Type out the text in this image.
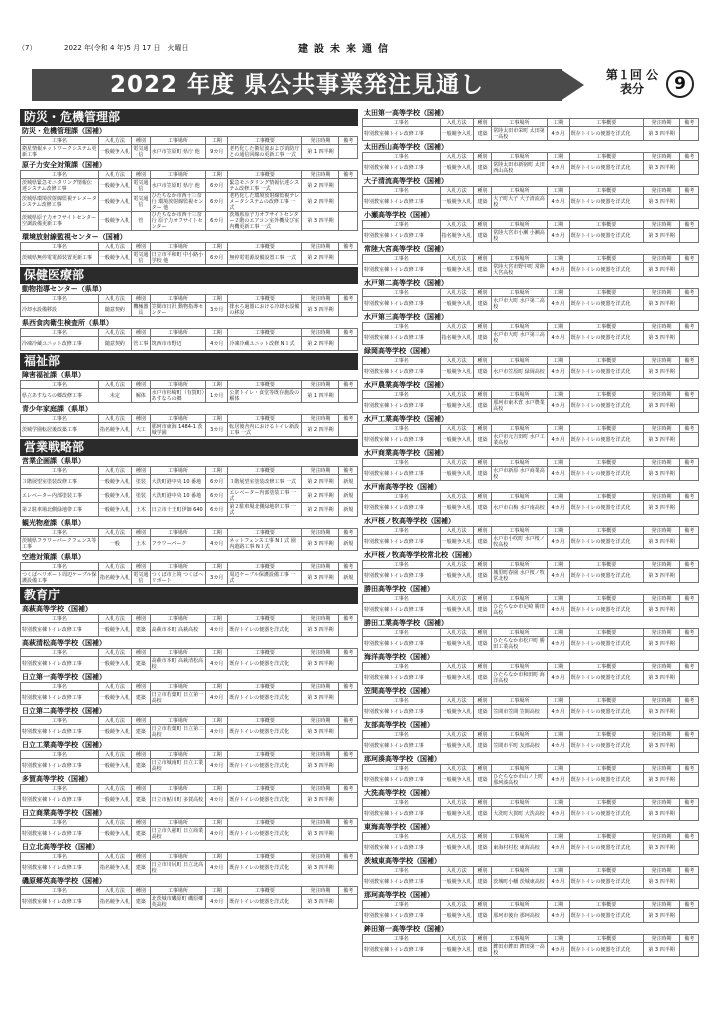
（7）	2022 年(令和 4 年)5 月 17 日　火曜日	建設未来通信
2022 年度 県公共事業発注見通し	第１回 公表分	9
防災・危機管理部
防災・危機管理課（国補）
工事名	入札方法	種別	工事場所	工期	工事概要	発注時期	備考
衛星情報ネットワークシステム更新工事	一般競争入札	電気通信	水戸市笠原町 県庁 他	9カ月	老朽化した衛星波および消防庁との通信回線の更新工事 一式	第 1 四半期	
原子力安全対策課（国補）
工事名	入札方法	種別	工事場所	工期	工事概要	発注時期	備考
茨城県緊急モニタリング情報伝達システム改修工事	一般競争入札	電気通信	水戸市笠原町 県庁 他	6カ月	緊急モニタリング情報伝達システム改修工事 一式	第 2 四半期	
茨城県環境放射線監視テレメータシステム改修工事	一般競争入札	電気通信	ひたちなか市西十三奈行 環境放射線監視センター 他	6カ月	老朽化した環境放射線監視テレメータシステムの改修工事 一式	第 2 四半期	
茨城県原子力オフサイトセンター空調設備更新工事	一般競争入札	管	ひたちなか市西十三奈行 原子力オフサイトセンター	6カ月	茨城県原子力オフサイトセンター２階のエアコン室外機及び室内機更新工事 一式	第 3 四半期	
環境放射線監視センター（国補）
工事名	入札方法	種別	工事場所	工期	工事概要	発注時期	備考
茨城県無停電電源装置更新工事	一般競争入札	電気通信	日立市平和町 中小路小学校 他	6カ月	無停電電源設備設置工事 一式	第 2 四半期	
保健医療部
動物指導センター（県単）
工事名	入札方法	種別	工事場所	工期	工事概要	発注時期	備考
冷却水設備移設	随意契約	機械器具	笠間市日沢 動物指導センター	3カ月	排水ろ過器における冷却水設備の移設	第 3 四半期	
県西食肉衛生検査所（県単）
工事名	入札方法	種別	工事場所	工期	工事概要	発注時期	備考
冷凍冷蔵ユニット改修工事	随意契約	管工事	筑西市市野辺	4カ月	冷凍冷蔵ユニット改修 N１式	第 2 四半期	
福祉部
障害福祉課（県単）
工事名	入札方法	種別	工事場所	工期	工事概要	発注時期	備考
県立あすなろの郷改修工事	未定	解体	水戸市杉崎町（有賀町）あすなろの郷	1カ月	公衆トイレ・食堂等既存施設の解体	第 1 四半期	
青少年家庭課（県単）
工事名	入札方法	種別	工事場所	工期	工事概要	発注時期	備考
茨城学園転居後改築工事	指名競争入札	大工	那珂市東海 1484-1 茨城学園	3カ月	転居後舎内におけるトイレ新設工事 一式	第 2 四半期	
営業戦略部
営業企画課（県単）
工事名	入札方法	種別	工事場所	工期	工事概要	発注時期	備考
３階展望室塗装改修工事	一般競争入札	塗装	大洗町港中央 10 番地	6カ月	３階展望室塗装改修工事 一式	第 2 四半期	新規
エレベーター内部塗装工事	一般競争入札	塗装	大洗町港中央 10 番地	6カ月	エレベーター内部塗装工事 一式	第 2 四半期	新規
第２駐車場北側緑地帯工事	一般競争入札	土木	日立市十王町伊師 640	6カ月	第２駐車場北側緑地帯工事 一式	第 2 四半期	新規
観光物産課（県単）
工事名	入札方法	種別	工事場所	工期	工事概要	発注時期	備考
茨城県フラワーパークフェンス等工事	一般	土木	フラワーパーク	4カ月	ネットフェンス工事 N１式 園内遊路工事 N１式	第 3 四半期	新規
空港対策課（県単）
工事名	入札方法	種別	工事場所	工期	工事概要	発注時期	備考
つくばヘリポート周辺ケーブル保護設備工事	指名競争入札	電気通信	つくば市上境 つくばヘリポート	3カ月	周辺ケーブル保護設備工事 一式	第 3 四半期	新規
教育庁
高萩高等学校（国補）
工事名	入札方法	種別	工事場所	工期	工事概要	発注時期	備考
特別教室棟トイレ改修工事	一般競争入札	建築	高萩市本町 高萩高校	4カ月	既存トイレの便器を洋式化	第 3 四半期	
高萩清松高等学校（国補）
工事名	入札方法	種別	工事場所	工期	工事概要	発注時期	備考
特別教室棟トイレ改修工事	一般競争入札	建築	高萩市本町 高萩清松高校	4カ月	既存トイレの便器を洋式化	第 3 四半期	
日立第一高等学校（国補）
工事名	入札方法	種別	工事場所	工期	工事概要	発注時期	備考
特別教室棟トイレ改修工事	一般競争入札	建築	日立市若葉町 日立第一高校	4カ月	既存トイレの便器を洋式化	第 3 四半期	
日立第二高等学校（国補）
工事名	入札方法	種別	工事場所	工期	工事概要	発注時期	備考
特別教室棟トイレ改修工事	一般競争入札	建築	日立市若葉町 日立第二高校	4カ月	既存トイレの便器を洋式化	第 3 四半期	
日立工業高等学校（国補）
工事名	入札方法	種別	工事場所	工期	工事概要	発注時期	備考
特別教室棟トイレ改修工事	一般競争入札	建築	日立市城南町 日立工業高校	4カ月	既存トイレの便器を洋式化	第 3 四半期	
多賀高等学校（国補）
工事名	入札方法	種別	工事場所	工期	工事概要	発注時期	備考
特別教室棟トイレ改修工事	一般競争入札	建築	日立市鮎川町 多賀高校	4カ月	既存トイレの便器を洋式化	第 3 四半期	
日立商業高等学校（国補）
工事名	入札方法	種別	工事場所	工期	工事概要	発注時期	備考
特別教室棟トイレ改修工事	一般競争入札	建築	日立市久慈町 日立商業高校	4カ月	既存トイレの便器を洋式化	第 3 四半期	
日立北高等学校（国補）
工事名	入札方法	種別	工事場所	工期	工事概要	発注時期	備考
特別教室棟トイレ改修工事	指名競争入札	建築	日立市川尻町 日立北高校	4カ月	既存トイレの便器を洋式化	第 3 四半期	
磯原郷英高等学校（国補）
工事名	入札方法	種別	工事場所	工期	工事概要	発注時期	備考
特別教室棟トイレ改修工事	指名競争入札	建築	北茨城市磯原町 磯原郷英高校	4カ月	既存トイレの便器を洋式化	第 3 四半期	
太田第一高等学校（国補）
工事名	入札方法	種別	工事場所	工期	工事概要	発注時期	備考
特別教室棟トイレ改修工事	一般競争入札	建築	常陸太田市栄町 太田第一高校	4カ月	既存トイレの便器を洋式化	第 3 四半期	
太田西山高等学校（国補）
工事名	入札方法	種別	工事場所	工期	工事概要	発注時期	備考
特別教室棟トイレ改修工事	一般競争入札	建築	常陸太田市新宿町 太田西山高校	4カ月	既存トイレの便器を洋式化	第 3 四半期	
大子清流高等学校（国補）
工事名	入札方法	種別	工事場所	工期	工事概要	発注時期	備考
特別教室棟トイレ改修工事	一般競争入札	建築	大子町大子 大子清流高校	4カ月	既存トイレの便器を洋式化	第 3 四半期	
小瀬高等学校（国補）
工事名	入札方法	種別	工事場所	工期	工事概要	発注時期	備考
特別教室棟トイレ改修工事	指名競争入札	建築	常陸大宮市小瀬 小瀬高校	4カ月	既存トイレの便器を洋式化	第 3 四半期	
常陸大宮高等学校（国補）
工事名	入札方法	種別	工事場所	工期	工事概要	発注時期	備考
特別教室棟トイレ改修工事	一般競争入札	建築	常陸大宮市野中町 常陸大宮高校	4カ月	既存トイレの便器を洋式化	第 3 四半期	
水戸第二高等学校（国補）
工事名	入札方法	種別	工事場所	工期	工事概要	発注時期	備考
特別教室棟トイレ改修工事	一般競争入札	建築	水戸市大町 水戸第二高校	4カ月	既存トイレの便器を洋式化	第 3 四半期	
水戸第三高等学校（国補）
工事名	入札方法	種別	工事場所	工期	工事概要	発注時期	備考
特別教室棟トイレ改修工事	指名競争入札	建築	水戸市大町 水戸第三高校	4カ月	既存トイレの便器を洋式化	第 3 四半期	
緑岡高等学校（国補）
工事名	入札方法	種別	工事場所	工期	工事概要	発注時期	備考
特別教室棟トイレ改修工事	一般競争入札	建築	水戸市笠原町 緑岡高校	4カ月	既存トイレの便器を洋式化	第 3 四半期	
水戸農業高等学校（国補）
工事名	入札方法	種別	工事場所	工期	工事概要	発注時期	備考
特別教室棟トイレ改修工事	一般競争入札	建築	那珂市東木倉 水戸農業高校	4カ月	既存トイレの便器を洋式化	第 3 四半期	
水戸工業高等学校（国補）
工事名	入札方法	種別	工事場所	工期	工事概要	発注時期	備考
特別教室棟トイレ改修工事	一般競争入札	建築	水戸市元吉田町 水戸工業高校	4カ月	既存トイレの便器を洋式化	第 3 四半期	
水戸商業高等学校（国補）
工事名	入札方法	種別	工事場所	工期	工事概要	発注時期	備考
特別教室棟トイレ改修工事	一般競争入札	建築	水戸市新原 水戸商業高校	4カ月	既存トイレの便器を洋式化	第 3 四半期	
水戸南高等学校（国補）
工事名	入札方法	種別	工事場所	工期	工事概要	発注時期	備考
特別教室棟トイレ改修工事	一般競争入札	建築	水戸市白梅 水戸南高校	4カ月	既存トイレの便器を洋式化	第 3 四半期	
水戸桜ノ牧高等学校（国補）
工事名	入札方法	種別	工事場所	工期	工事概要	発注時期	備考
特別教室棟トイレ改修工事	一般競争入札	建築	水戸市小吹町 水戸桜ノ牧高校	4カ月	既存トイレの便器を洋式化	第 3 四半期	
水戸桜ノ牧高等学校常北校（国補）
工事名	入札方法	種別	工事場所	工期	工事概要	発注時期	備考
特別教室棟トイレ改修工事	一般競争入札	建築	城里町春園 水戸桜ノ牧常北校	4カ月	既存トイレの便器を洋式化	第 3 四半期	
勝田高等学校（国補）
工事名	入札方法	種別	工事場所	工期	工事概要	発注時期	備考
特別教室棟トイレ改修工事	一般競争入札	建築	ひたちなか市足崎 勝田高校	4カ月	既存トイレの便器を洋式化	第 3 四半期	
勝田工業高等学校（国補）
工事名	入札方法	種別	工事場所	工期	工事概要	発注時期	備考
特別教室棟トイレ改修工事	一般競争入札	建築	ひたちなか市松戸町 勝田工業高校	4カ月	既存トイレの便器を洋式化	第 3 四半期	
海洋高等学校（国補）
工事名	入札方法	種別	工事場所	工期	工事概要	発注時期	備考
特別教室棟トイレ改修工事	一般競争入札	建築	ひたちなか市和田町 海洋高校	4カ月	既存トイレの便器を洋式化	第 3 四半期	
笠間高等学校（国補）
工事名	入札方法	種別	工事場所	工期	工事概要	発注時期	備考
特別教室棟トイレ改修工事	一般競争入札	建築	笠間市笠間 笠間高校	4カ月	既存トイレの便器を洋式化	第 3 四半期	
友部高等学校（国補）
工事名	入札方法	種別	工事場所	工期	工事概要	発注時期	備考
特別教室棟トイレ改修工事	一般競争入札	建築	笠間市平町 友部高校	4カ月	既存トイレの便器を洋式化	第 3 四半期	
那珂湊高等学校（国補）
工事名	入札方法	種別	工事場所	工期	工事概要	発注時期	備考
特別教室棟トイレ改修工事	一般競争入札	建築	ひたちなか市山ノ上町 那珂湊高校	4カ月	既存トイレの便器を洋式化	第 3 四半期	
大洗高等学校（国補）
工事名	入札方法	種別	工事場所	工期	工事概要	発注時期	備考
特別教室棟トイレ改修工事	一般競争入札	建築	大洗町大貫町 大洗高校	4カ月	既存トイレの便器を洋式化	第 3 四半期	
東海高等学校（国補）
工事名	入札方法	種別	工事場所	工期	工事概要	発注時期	備考
特別教室棟トイレ改修工事	一般競争入札	建築	東海村村松 東海高校	4カ月	既存トイレの便器を洋式化	第 3 四半期	
茨城東高等学校（国補）
工事名	入札方法	種別	工事場所	工期	工事概要	発注時期	備考
特別教室棟トイレ改修工事	一般競争入札	建築	茨城町小幡 茨城東高校	4カ月	既存トイレの便器を洋式化	第 3 四半期	
那珂高等学校（国補）
工事名	入札方法	種別	工事場所	工期	工事概要	発注時期	備考
特別教室棟トイレ改修工事	一般競争入札	建築	那珂市後台 那珂高校	4カ月	既存トイレの便器を洋式化	第 3 四半期	
鉾田第一高等学校（国補）
工事名	入札方法	種別	工事場所	工期	工事概要	発注時期	備考
特別教室棟トイレ改修工事	一般競争入札	建築	鉾田市鉾田 鉾田第一高校	4カ月	既存トイレの便器を洋式化	第 3 四半期	
